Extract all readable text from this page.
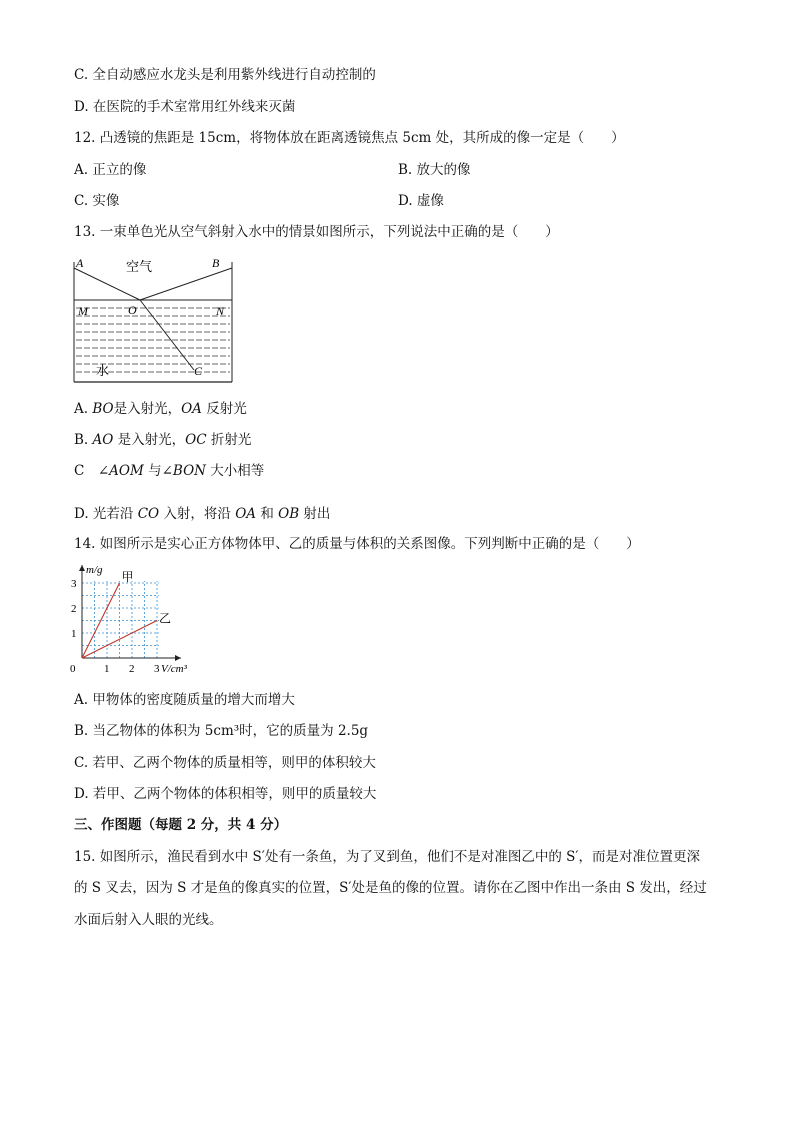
C. 全自动感应水龙头是利用紫外线进行自动控制的
D. 在医院的手术室常用红外线来灭菌
12. 凸透镜的焦距是 15cm，将物体放在距离透镜焦点 5cm 处，其所成的像一定是（　　）
A. 正立的像	B. 放大的像
C. 实像	D. 虚像
13. 一束单色光从空气斜射入水中的情景如图所示，下列说法中正确的是（　　）
A	空气	B
M	O	N
水	C
A. BO是入射光，OA 反射光
B. AO 是入射光，OC 折射光
C　∠AOM 与∠BON 大小相等
D. 光若沿 CO 入射，将沿 OA 和 OB 射出
14. 如图所示是实心正方体物体甲、乙的质量与体积的关系图像。下列判断中正确的是（　　）
0	1 2 3
1
2
3
m/g
V/cm³
甲
乙
A. 甲物体的密度随质量的增大而增大
B. 当乙物体的体积为 5cm³时，它的质量为 2.5g
C. 若甲、乙两个物体的质量相等，则甲的体积较大
D. 若甲、乙两个物体的体积相等，则甲的质量较大
三、作图题（每题 2 分，共 4 分）
15. 如图所示，渔民看到水中 S′处有一条鱼，为了叉到鱼，他们不是对准图乙中的 S′，而是对准位置更深
的 S 叉去，因为 S 才是鱼的像真实的位置，S′处是鱼的像的位置。请你在乙图中作出一条由 S 发出，经过
水面后射入人眼的光线。
